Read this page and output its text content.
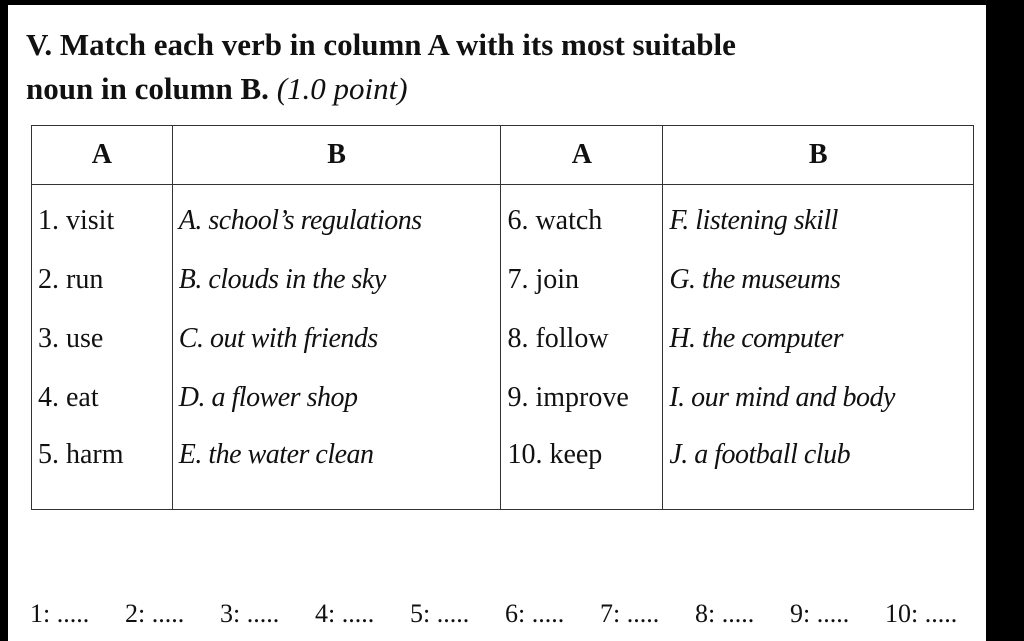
V. Match each verb in column A with its most suitable
noun in column B. (1.0 point)
A	B	A	B
1. visit	A. school’s regulations	6. watch	F. listening skill
2. run	B. clouds in the sky	7. join	G. the museums
3. use	C. out with friends	8. follow	H. the computer
4. eat	D. a flower shop	9. improve	I. our mind and body
5. harm	E. the water clean	10. keep	J. a football club
1: ..... 2: ..... 3: ..... 4: ..... 5: ..... 6: ..... 7: ..... 8: ..... 9: ..... 10: .....
